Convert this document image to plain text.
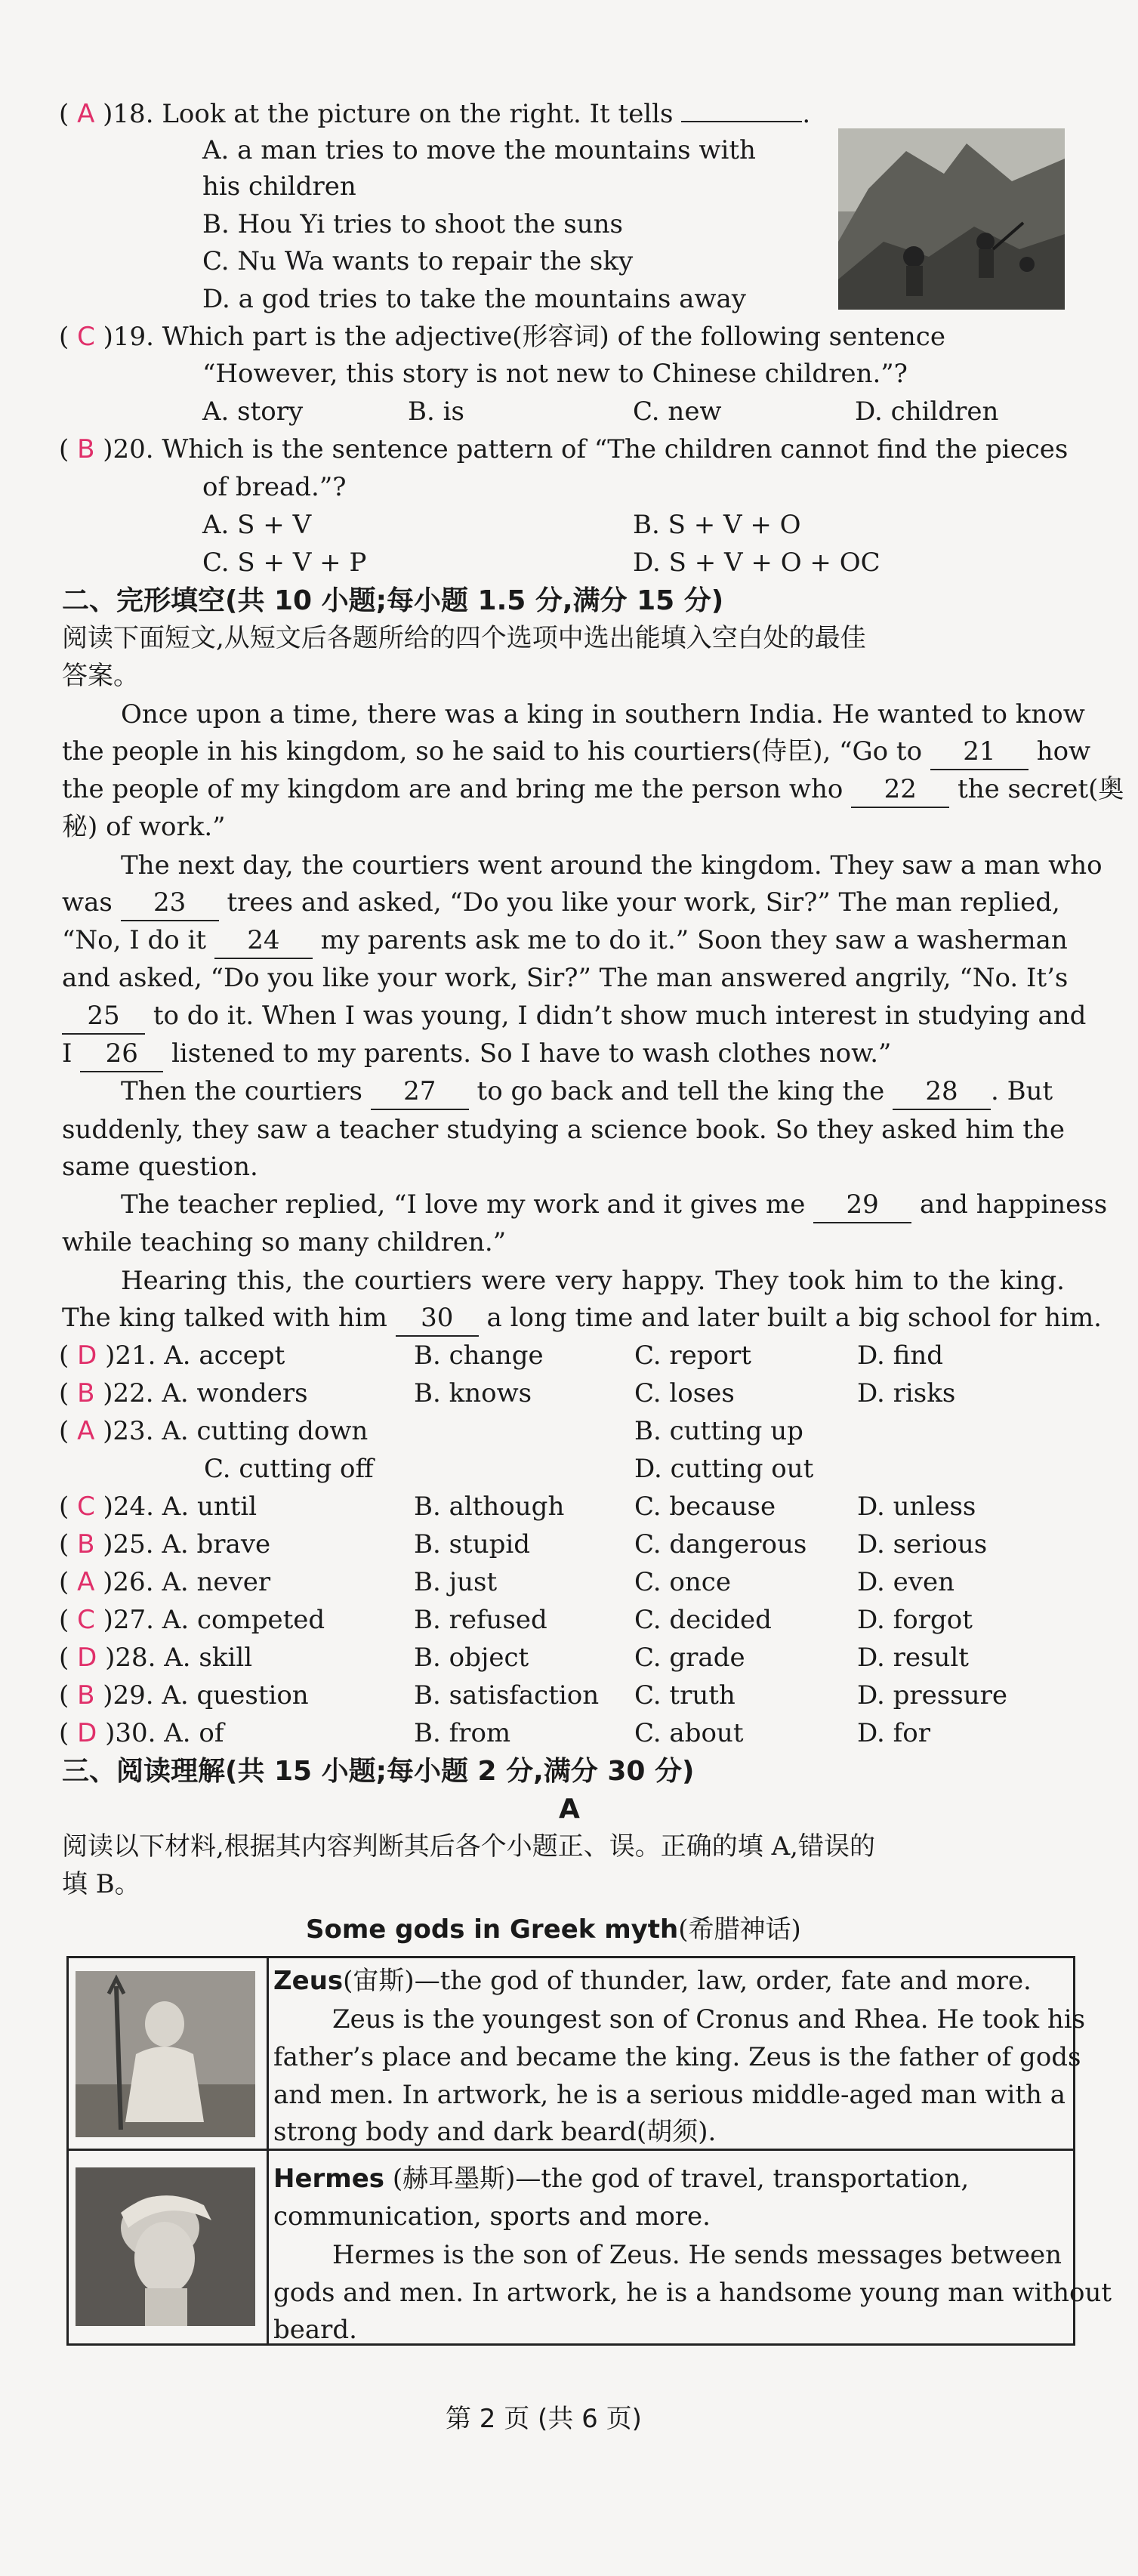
( A )18. Look at the picture on the right. It tells	.
A. a man tries to move the mountains with
his children
B. Hou Yi tries to shoot the suns
C. Nu Wa wants to repair the sky
D. a god tries to take the mountains away
( C )19. Which part is the adjective(形容词) of the following sentence
“However, this story is not new to Chinese children.”?
A. story	B. is	C. new	D. children
( B )20. Which is the sentence pattern of “The children cannot find the pieces
of bread.”?
A. S + V	B. S + V + O
C. S + V + P	D. S + V + O + OC
二、完形填空(共 10 小题;每小题 1.5 分,满分 15 分)
阅读下面短文,从短文后各题所给的四个选项中选出能填入空白处的最佳
答案。
Once upon a time, there was a king in southern India. He wanted to know
the people in his kingdom, so he said to his courtiers(侍臣), “Go to 21 how
the people of my kingdom are and bring me the person who 22 the secret(奥
秘) of work.”
The next day, the courtiers went around the kingdom. They saw a man who
was 23 trees and asked, “Do you like your work, Sir?” The man replied,
“No, I do it 24 my parents ask me to do it.” Soon they saw a washerman
and asked, “Do you like your work, Sir?” The man answered angrily, “No. It’s
25 to do it. When I was young, I didn’t show much interest in studying and
I 26 listened to my parents. So I have to wash clothes now.”
Then the courtiers 27 to go back and tell the king the 28 . But
suddenly, they saw a teacher studying a science book. So they asked him the
same question.
The teacher replied, “I love my work and it gives me 29 and happiness
while teaching so many children.”
Hearing this, the courtiers were very happy. They took him to the king.
The king talked with him 30 a long time and later built a big school for him.
( D )21. A. accept	B. change	C. report	D. find
( B )22. A. wonders	B. knows	C. loses	D. risks
( A )23. A. cutting down	B. cutting up
C. cutting off	D. cutting out
( C )24. A. until	B. although	C. because	D. unless
( B )25. A. brave	B. stupid	C. dangerous D. serious
( A )26. A. never	B. just	C. once	D. even
( C )27. A. competed	B. refused	C. decided	D. forgot
( D )28. A. skill	B. object	C. grade	D. result
( B )29. A. question	B. satisfaction C. truth	D. pressure
( D )30. A. of	B. from	C. about	D. for
三、阅读理解(共 15 小题;每小题 2 分,满分 30 分)
A
阅读以下材料,根据其内容判断其后各个小题正、误。正确的填 A,错误的
填 B。
Some gods in Greek myth(希腊神话)
Zeus(宙斯)—the god of thunder, law, order, fate and more.
Zeus is the youngest son of Cronus and Rhea. He took his
father’s place and became the king. Zeus is the father of gods
and men. In artwork, he is a serious middle-aged man with a
strong body and dark beard(胡须).
Hermes (赫耳墨斯)—the god of travel, transportation,
communication, sports and more.
Hermes is the son of Zeus. He sends messages between
gods and men. In artwork, he is a handsome young man without
beard.
第 2 页 (共 6 页)
